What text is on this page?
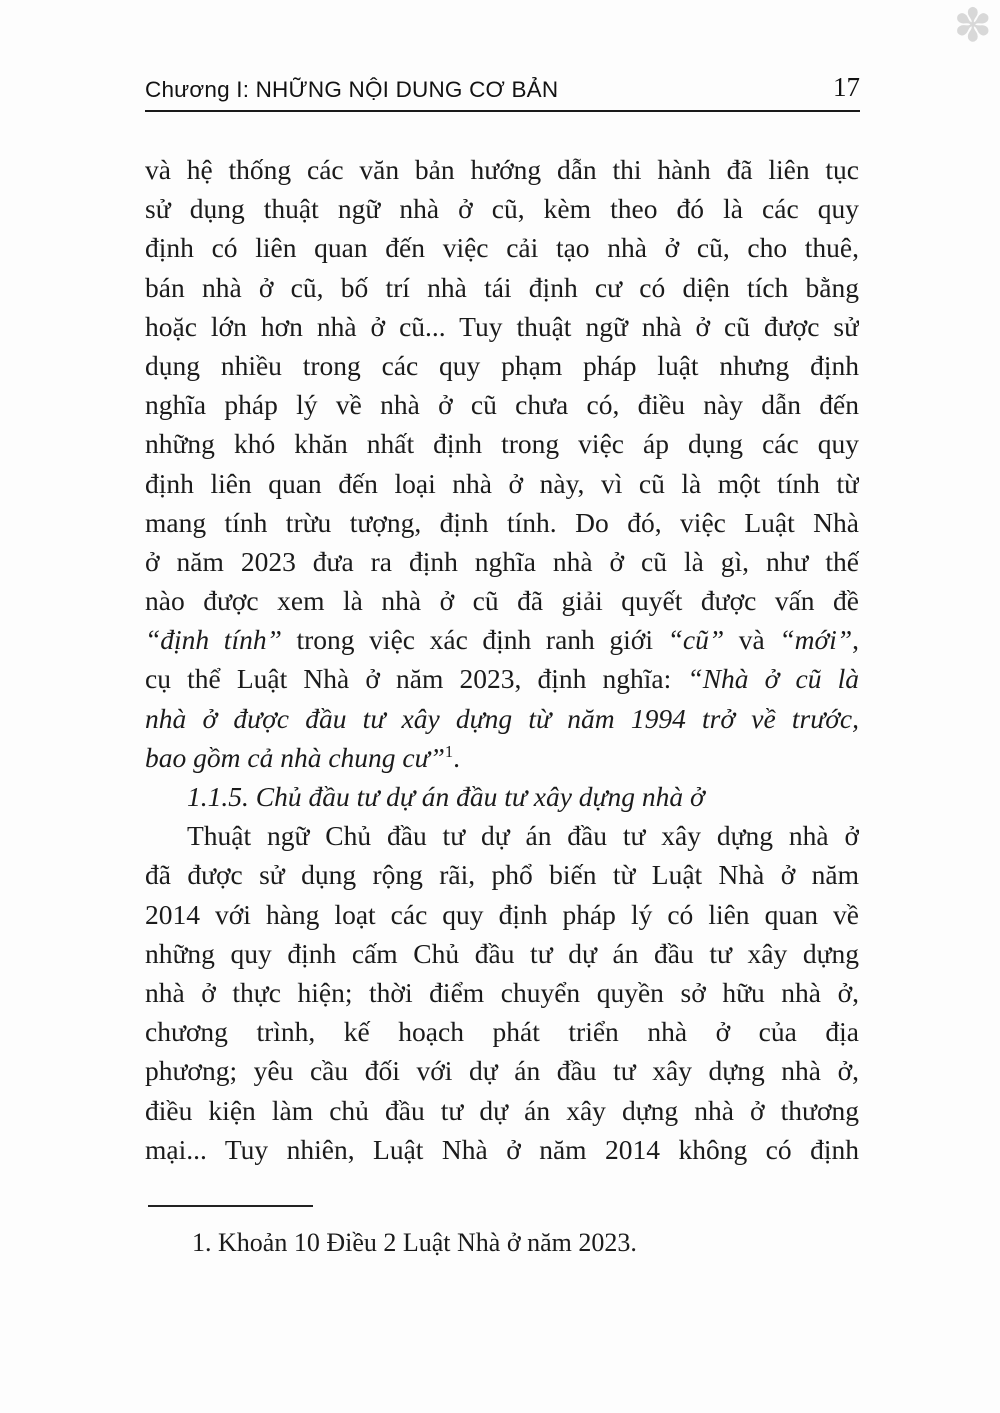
✽
Chương I: NHỮNG NỘI DUNG CƠ BẢN	17
và hệ thống các văn bản hướng dẫn thi hành đã liên tục
sử dụng thuật ngữ nhà ở cũ, kèm theo đó là các quy
định có liên quan đến việc cải tạo nhà ở cũ, cho thuê,
bán nhà ở cũ, bố trí nhà tái định cư có diện tích bằng
hoặc lớn hơn nhà ở cũ... Tuy thuật ngữ nhà ở cũ được sử
dụng nhiều trong các quy phạm pháp luật nhưng định
nghĩa pháp lý về nhà ở cũ chưa có, điều này dẫn đến
những khó khăn nhất định trong việc áp dụng các quy
định liên quan đến loại nhà ở này, vì cũ là một tính từ
mang tính trừu tượng, định tính. Do đó, việc Luật Nhà
ở năm 2023 đưa ra định nghĩa nhà ở cũ là gì, như thế
nào được xem là nhà ở cũ đã giải quyết được vấn đề
“định tính” trong việc xác định ranh giới “cũ” và “mới”,
cụ thể Luật Nhà ở năm 2023, định nghĩa: “Nhà ở cũ là
nhà ở được đầu tư xây dựng từ năm 1994 trở về trước,
bao gồm cả nhà chung cư”$^1$.
1.1.5. Chủ đầu tư dự án đầu tư xây dựng nhà ở
Thuật ngữ Chủ đầu tư dự án đầu tư xây dựng nhà ở
đã được sử dụng rộng rãi, phổ biến từ Luật Nhà ở năm
2014 với hàng loạt các quy định pháp lý có liên quan về
những quy định cấm Chủ đầu tư dự án đầu tư xây dựng
nhà ở thực hiện; thời điểm chuyển quyền sở hữu nhà ở,
chương trình, kế hoạch phát triển nhà ở của địa
phương; yêu cầu đối với dự án đầu tư xây dựng nhà ở,
điều kiện làm chủ đầu tư dự án xây dựng nhà ở thương
mại... Tuy nhiên, Luật Nhà ở năm 2014 không có định
1. Khoản 10 Điều 2 Luật Nhà ở năm 2023.
